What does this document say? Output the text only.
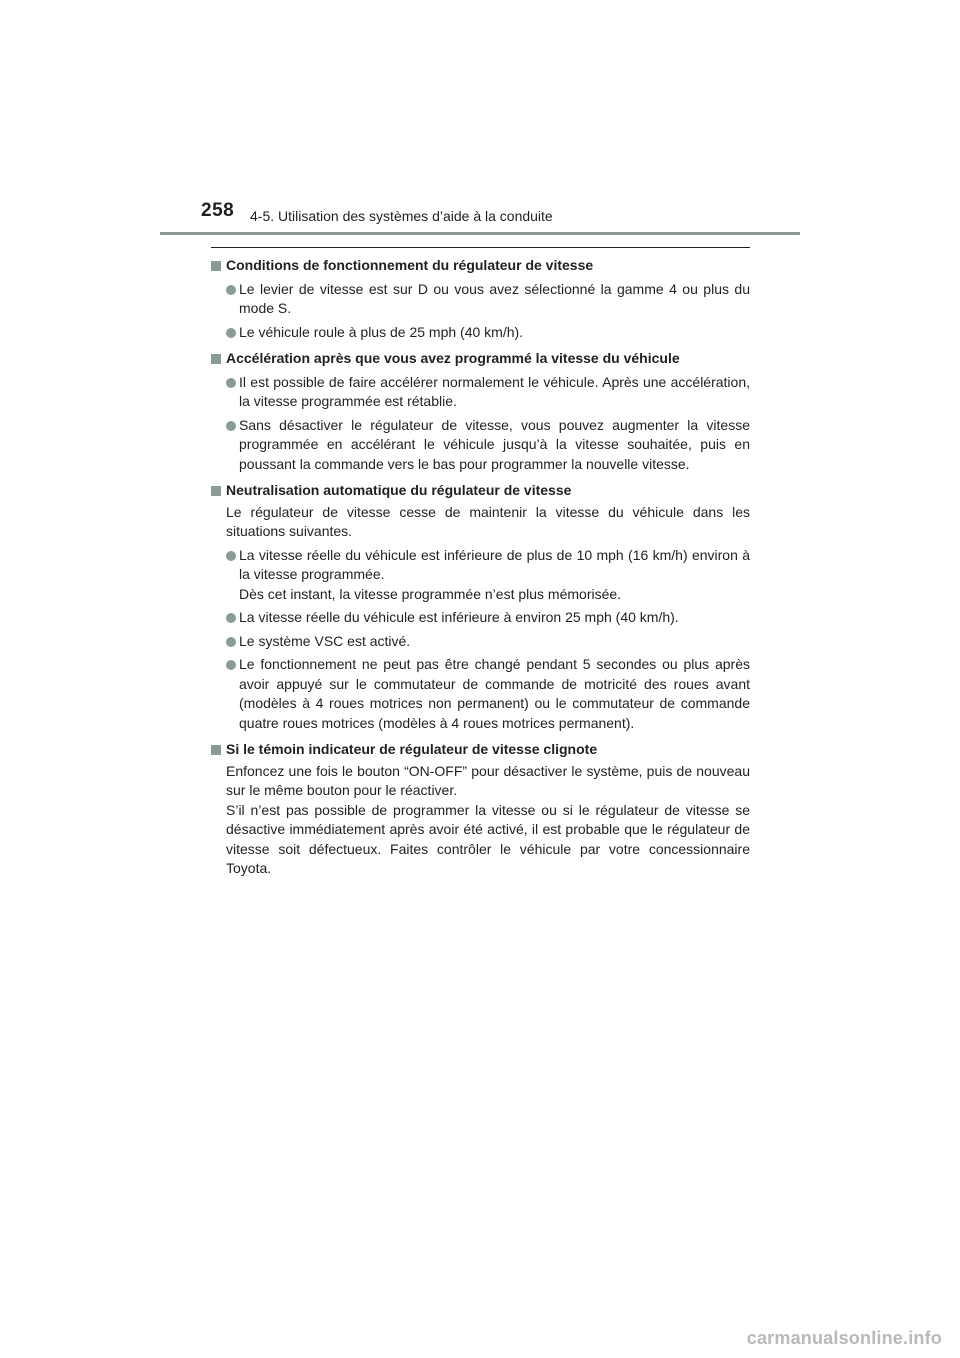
258 4-5. Utilisation des systèmes d’aide à la conduite
Conditions de fonctionnement du régulateur de vitesse
Le levier de vitesse est sur D ou vous avez sélectionné la gamme 4 ou plus du mode S.
Le véhicule roule à plus de 25 mph (40 km/h).
Accélération après que vous avez programmé la vitesse du véhicule
Il est possible de faire accélérer normalement le véhicule. Après une accélération, la vitesse programmée est rétablie.
Sans désactiver le régulateur de vitesse, vous pouvez augmenter la vitesse programmée en accélérant le véhicule jusqu’à la vitesse souhaitée, puis en poussant la commande vers le bas pour programmer la nouvelle vitesse.
Neutralisation automatique du régulateur de vitesse
Le régulateur de vitesse cesse de maintenir la vitesse du véhicule dans les situations suivantes.
La vitesse réelle du véhicule est inférieure de plus de 10 mph (16 km/h) environ à la vitesse programmée.
Dès cet instant, la vitesse programmée n’est plus mémorisée.
La vitesse réelle du véhicule est inférieure à environ 25 mph (40 km/h).
Le système VSC est activé.
Le fonctionnement ne peut pas être changé pendant 5 secondes ou plus après avoir appuyé sur le commutateur de commande de motricité des roues avant (modèles à 4 roues motrices non permanent) ou le commutateur de commande quatre roues motrices (modèles à 4 roues motrices permanent).
Si le témoin indicateur de régulateur de vitesse clignote
Enfoncez une fois le bouton “ON-OFF” pour désactiver le système, puis de nouveau sur le même bouton pour le réactiver.
S’il n’est pas possible de programmer la vitesse ou si le régulateur de vitesse se désactive immédiatement après avoir été activé, il est probable que le régulateur de vitesse soit défectueux. Faites contrôler le véhicule par votre concessionnaire Toyota.
carmanualsonline.info
